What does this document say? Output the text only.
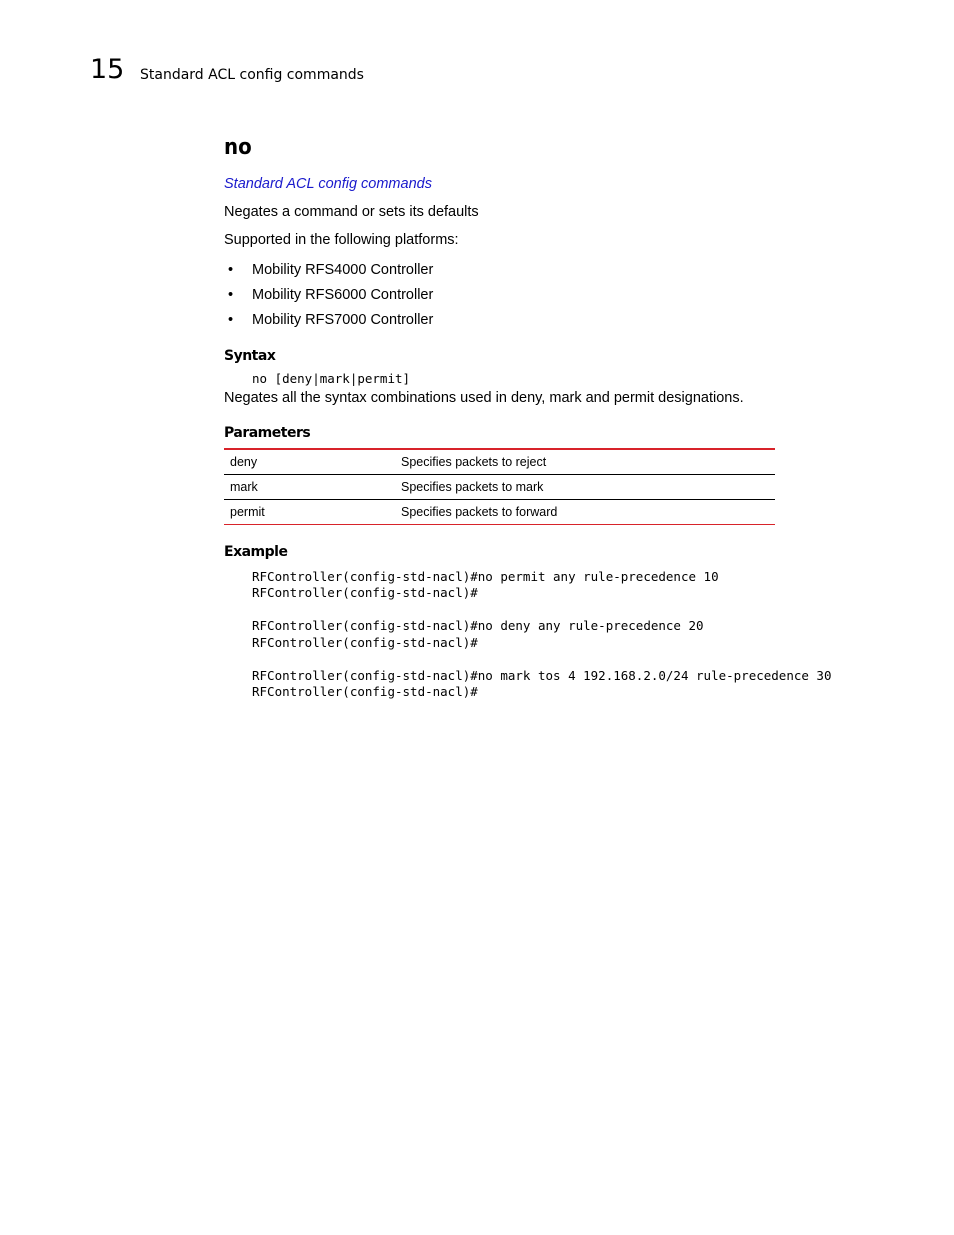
15 Standard ACL config commands
no
Standard ACL config commands

Negates a command or sets its defaults

Supported in the following platforms:

• Mobility RFS4000 Controller
• Mobility RFS6000 Controller
• Mobility RFS7000 Controller
Syntax
no [deny|mark|permit]

Negates all the syntax combinations used in deny, mark and permit designations.

Parameters
deny	Specifies packets to reject
mark	Specifies packets to mark
permit	Specifies packets to forward
Example
RFController(config-std-nacl)#no permit any rule-precedence 10
RFController(config-std-nacl)#
RFController(config-std-nacl)#no deny any rule-precedence 20
RFController(config-std-nacl)#
RFController(config-std-nacl)#no mark tos 4 192.168.2.0/24 rule-precedence 30
RFController(config-std-nacl)#
